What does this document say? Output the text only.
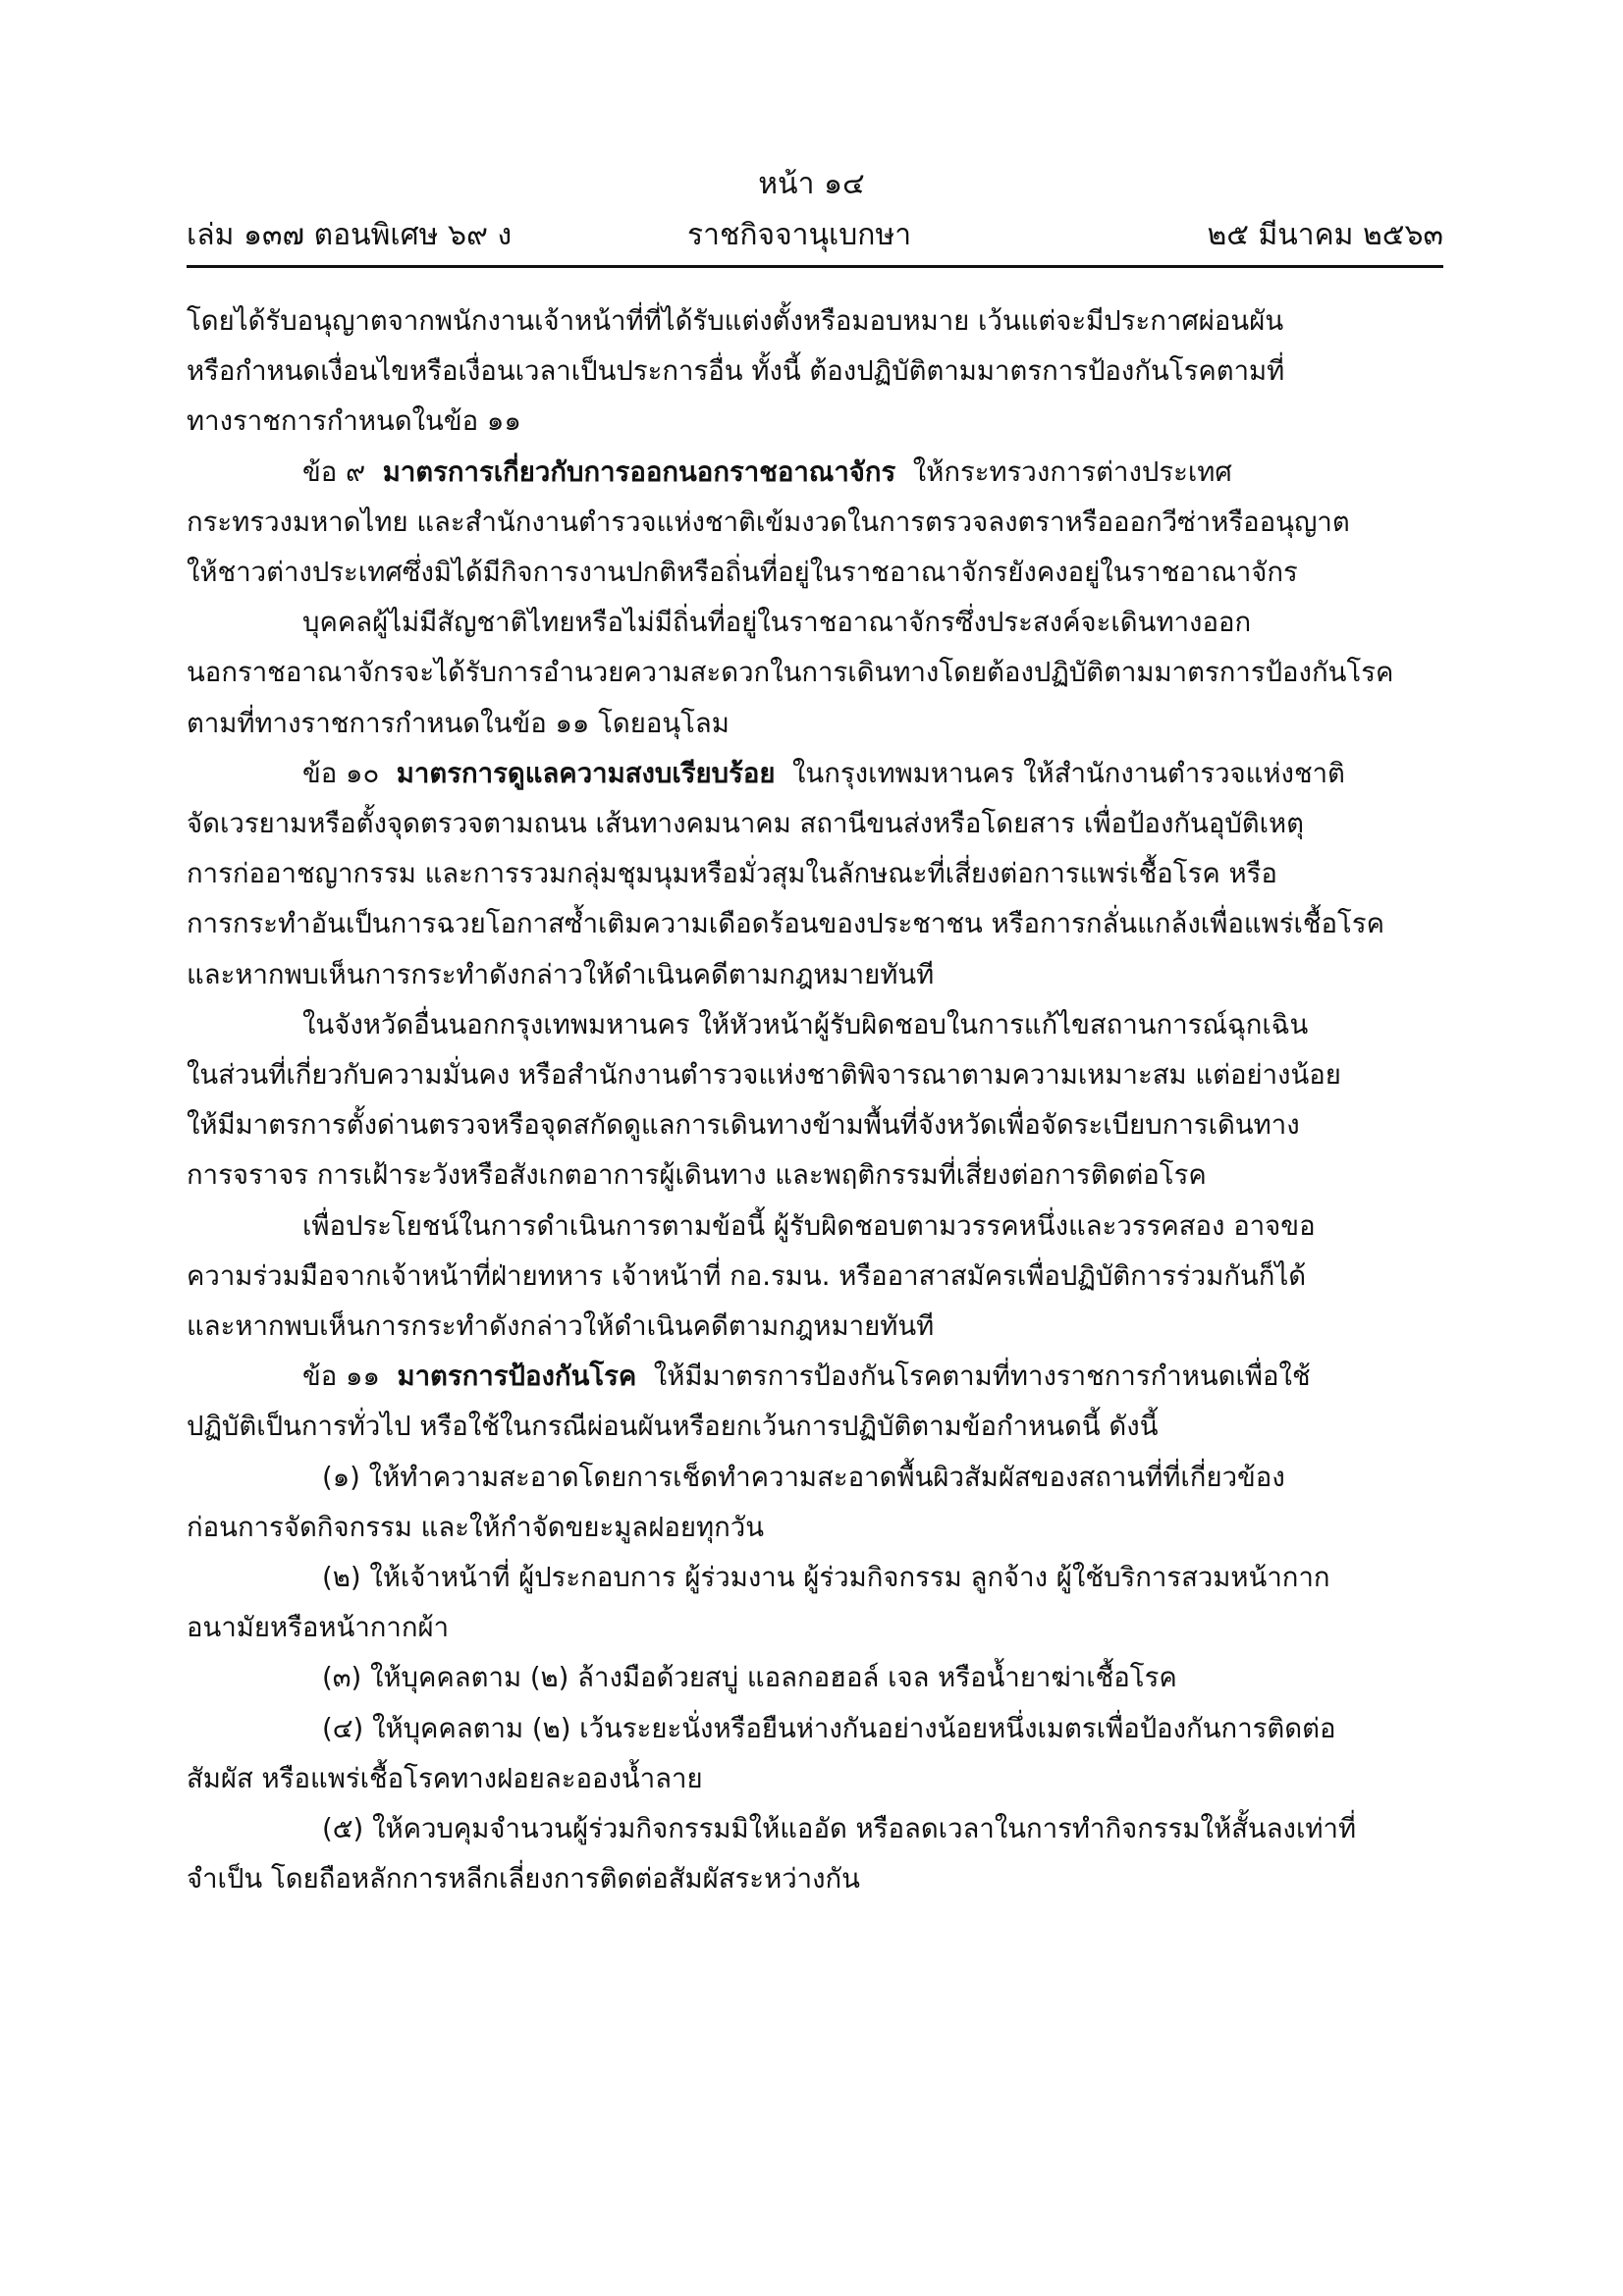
หน้า ๑๔
เล่ม ๑๓๗ ตอนพิเศษ ๖๙ ง	ราชกิจจานุเบกษา	๒๕ มีนาคม ๒๕๖๓

โดยได้รับอนุญาตจากพนักงานเจ้าหน้าที่ที่ได้รับแต่งตั้งหรือมอบหมาย เว้นแต่จะมีประกาศผ่อนผัน
หรือกำหนดเงื่อนไขหรือเงื่อนเวลาเป็นประการอื่น ทั้งนี้ ต้องปฏิบัติตามมาตรการป้องกันโรคตามที่
ทางราชการกำหนดในข้อ ๑๑

ข้อ ๙ มาตรการเกี่ยวกับการออกนอกราชอาณาจักร ให้กระทรวงการต่างประเทศ

กระทรวงมหาดไทย และสำนักงานตำรวจแห่งชาติเข้มงวดในการตรวจลงตราหรือออกวีซ่าหรืออนุญาต
ให้ชาวต่างประเทศซึ่งมิได้มีกิจการงานปกติหรือถิ่นที่อยู่ในราชอาณาจักรยังคงอยู่ในราชอาณาจักร

บุคคลผู้ไม่มีสัญชาติไทยหรือไม่มีถิ่นที่อยู่ในราชอาณาจักรซึ่งประสงค์จะเดินทางออก

นอกราชอาณาจักรจะได้รับการอำนวยความสะดวกในการเดินทางโดยต้องปฏิบัติตามมาตรการป้องกันโรค
ตามที่ทางราชการกำหนดในข้อ ๑๑ โดยอนุโลม

ข้อ ๑๐ มาตรการดูแลความสงบเรียบร้อย ในกรุงเทพมหานคร ให้สำนักงานตำรวจแห่งชาติ

จัดเวรยามหรือตั้งจุดตรวจตามถนน เส้นทางคมนาคม สถานีขนส่งหรือโดยสาร เพื่อป้องกันอุบัติเหตุ
การก่ออาชญากรรม และการรวมกลุ่มชุมนุมหรือมั่วสุมในลักษณะที่เสี่ยงต่อการแพร่เชื้อโรค หรือ
การกระทำอันเป็นการฉวยโอกาสซ้ำเติมความเดือดร้อนของประชาชน หรือการกลั่นแกล้งเพื่อแพร่เชื้อโรค
และหากพบเห็นการกระทำดังกล่าวให้ดำเนินคดีตามกฎหมายทันที

ในจังหวัดอื่นนอกกรุงเทพมหานคร ให้หัวหน้าผู้รับผิดชอบในการแก้ไขสถานการณ์ฉุกเฉิน

ในส่วนที่เกี่ยวกับความมั่นคง หรือสำนักงานตำรวจแห่งชาติพิจารณาตามความเหมาะสม แต่อย่างน้อย
ให้มีมาตรการตั้งด่านตรวจหรือจุดสกัดดูแลการเดินทางข้ามพื้นที่จังหวัดเพื่อจัดระเบียบการเดินทาง
การจราจร การเฝ้าระวังหรือสังเกตอาการผู้เดินทาง และพฤติกรรมที่เสี่ยงต่อการติดต่อโรค

เพื่อประโยชน์ในการดำเนินการตามข้อนี้ ผู้รับผิดชอบตามวรรคหนึ่งและวรรคสอง อาจขอ

ความร่วมมือจากเจ้าหน้าที่ฝ่ายทหาร เจ้าหน้าที่ กอ.รมน. หรืออาสาสมัครเพื่อปฏิบัติการร่วมกันก็ได้
และหากพบเห็นการกระทำดังกล่าวให้ดำเนินคดีตามกฎหมายทันที

ข้อ ๑๑ มาตรการป้องกันโรค ให้มีมาตรการป้องกันโรคตามที่ทางราชการกำหนดเพื่อใช้

ปฏิบัติเป็นการทั่วไป หรือใช้ในกรณีผ่อนผันหรือยกเว้นการปฏิบัติตามข้อกำหนดนี้ ดังนี้

(๑) ให้ทำความสะอาดโดยการเช็ดทำความสะอาดพื้นผิวสัมผัสของสถานที่ที่เกี่ยวข้อง

ก่อนการจัดกิจกรรม และให้กำจัดขยะมูลฝอยทุกวัน

(๒) ให้เจ้าหน้าที่ ผู้ประกอบการ ผู้ร่วมงาน ผู้ร่วมกิจกรรม ลูกจ้าง ผู้ใช้บริการสวมหน้ากาก

อนามัยหรือหน้ากากผ้า

(๓) ให้บุคคลตาม (๒) ล้างมือด้วยสบู่ แอลกอฮอล์ เจล หรือน้ำยาฆ่าเชื้อโรค

(๔) ให้บุคคลตาม (๒) เว้นระยะนั่งหรือยืนห่างกันอย่างน้อยหนึ่งเมตรเพื่อป้องกันการติดต่อ

สัมผัส หรือแพร่เชื้อโรคทางฝอยละอองน้ำลาย

(๕) ให้ควบคุมจำนวนผู้ร่วมกิจกรรมมิให้แออัด หรือลดเวลาในการทำกิจกรรมให้สั้นลงเท่าที่

จำเป็น โดยถือหลักการหลีกเลี่ยงการติดต่อสัมผัสระหว่างกัน
